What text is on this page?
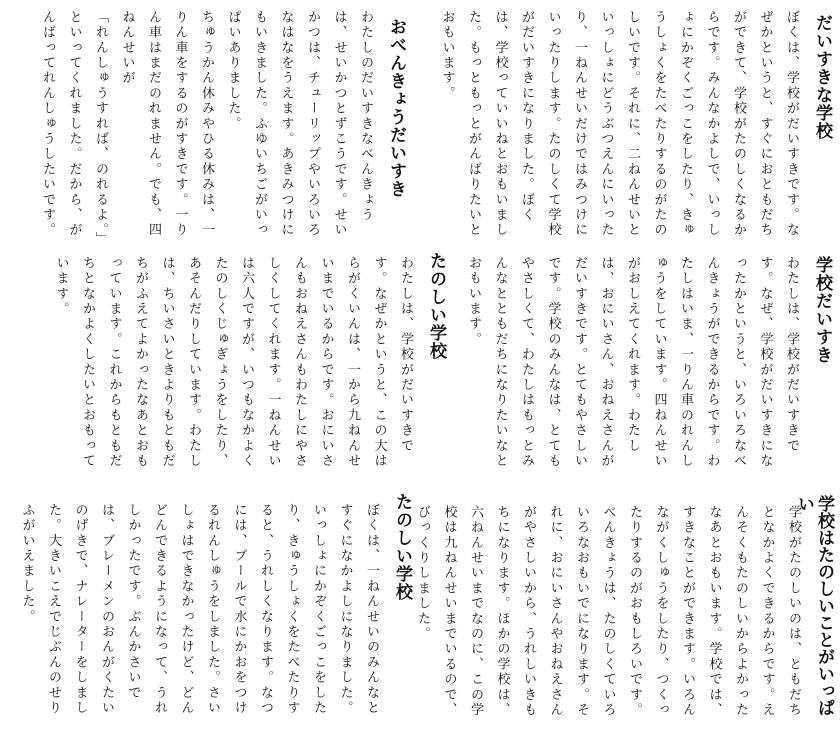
だいすきな学校

ぼくは、学校がだいすきです。なぜかというと、すぐにおともだちができて、学校がたのしくなるからです。みんなかよしで、いっしょにかぞくごっこをしたり、きゅうしょくをたべたりするのがたのしいです。それに、二ねんせいといっしょにどうぶつえんにいったり、一ねんせいだけではみつけにいったりします。たのしくて学校がだいすきになりました。ぼくは、学校っていいねとおもいました。もっともっとがんばりたいとおもいます。

おべんきょうだいすき

わたしのだいすきなべんきょうは、せいかつとずこうです。せいかつは、チューリップやいろいろなはなをうえます。あきみつけにもいきました。ふゆいちごがいっぱいありました。
ちゅうかん休みやひる休みは、一りん車をするのがすきです。一りん車はまだのれません。でも、四ねんせいが
「れんしゅうすれば、のれるよ。」
といってくれました。だから、がんばってれんしゅうしたいです。

学校だいすき

わたしは、学校がだいすきです。なぜ、学校がだいすきになったかというと、いろいろなべんきょうができるからです。わたしはいま、一りん車のれんしゅうをしています。四ねんせいがおしえてくれます。わたしは、おにいさん、おねえさんがだいすきです。とてもやさしいです。学校のみんなは、とてもやさしくて、わたしはもっとみんなとともだちになりたいなとおもいます。

たのしい学校

わたしは、学校がだいすきです。なぜかというと、この大はらがくいんは、一から九ねんせいまでいるからです。おにいさんもおねえさんもわたしにやさしくしてくれます。一ねんせいは六人ですが、いつもなかよくたのしくじゅぎょうをしたり、あそんだりしています。わたしは、ちいさいときよりもともだちがふえてよかったなあとおもっています。これからもともだちとなかよくしたいとおもっています。

学校はたのしいことがいっぱい

学校がたのしいのは、ともだちとなかよくできるからです。えんそくもたのしいからよかったなあとおもいます。学校では、すきなことができます。いろんながくしゅうをしたり、つくったりするのがおもしろいです。べんきょうは、たのしくていろいろなおもいでになります。それに、おにいさんやおねえさんがやさしいから、うれしいきもちになります。ほかの学校は、六ねんせいまでなのに、この学校は九ねんせいまでいるので、びっくりしました。

たのしい学校

ぼくは、一ねんせいのみんなとすぐになかよしになりました。いっしょにかぞくごっこをしたり、きゅうしょくをたべたりすると、うれしくなります。なつには、プールで水にかおをつけるれんしゅうをしました。さいしょはできなかったけど、どんどんできるようになって、うれしかったです。ぶんかさいでは、ブレーメンのおんがくたいのげきで、ナレーターをしました。大きいこえでじぶんのせりふがいえました。
